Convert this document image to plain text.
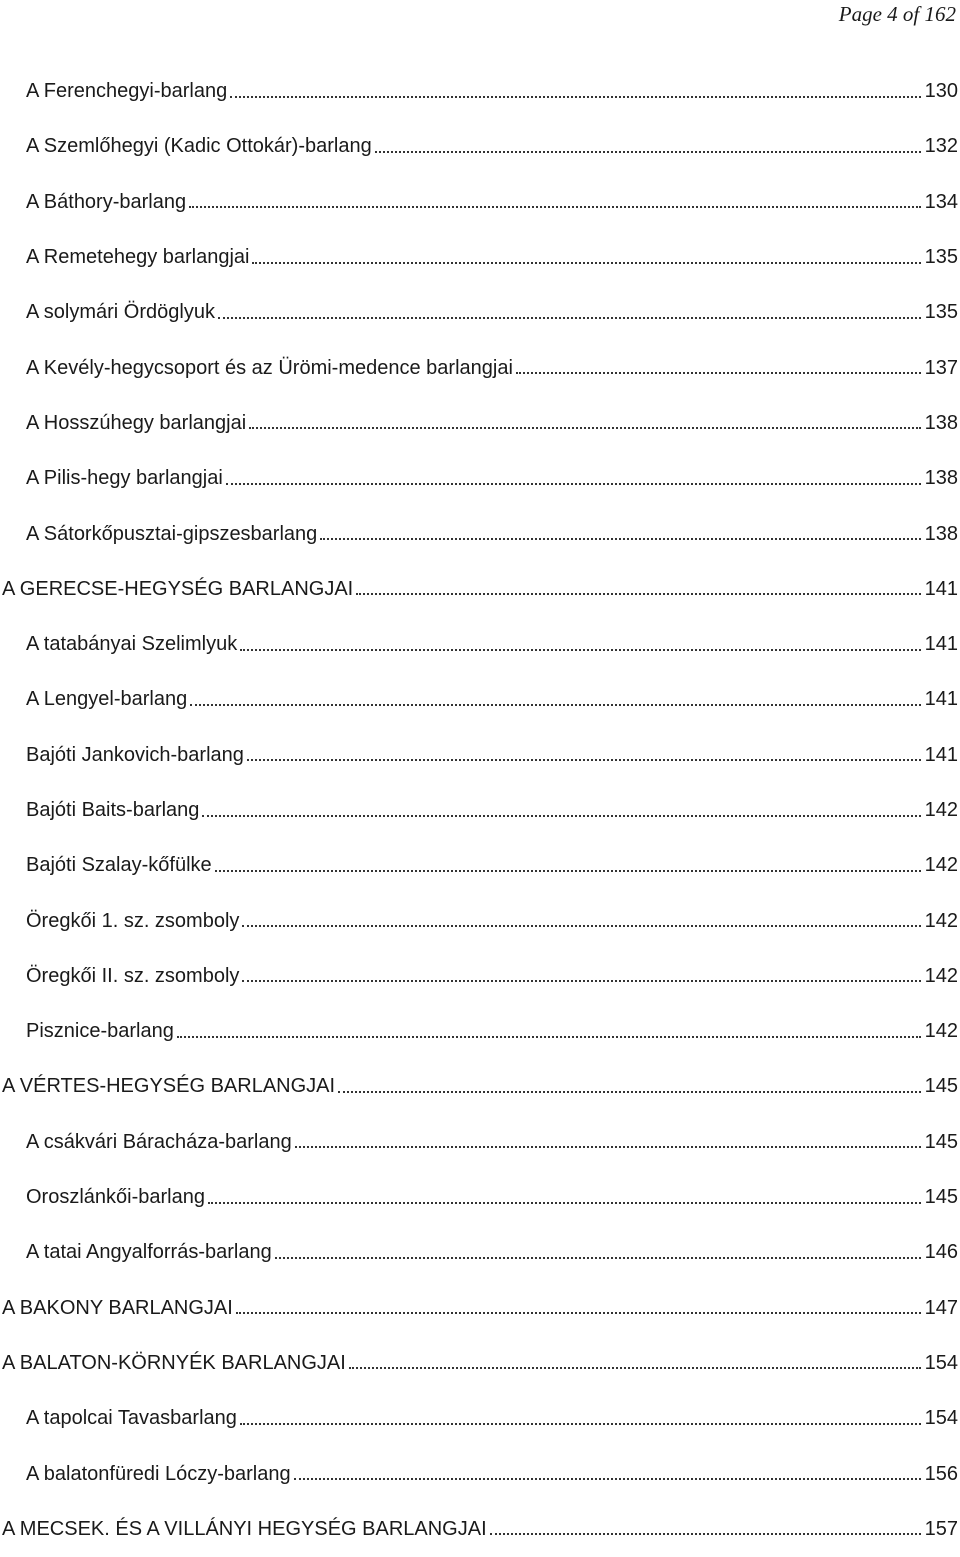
Page 4 of 162
A Ferenchegyi-barlang	130
A Szemlőhegyi (Kadic Ottokár)-barlang	132
A Báthory-barlang	134
A Remetehegy barlangjai	135
A solymári Ördöglyuk	135
A Kevély-hegycsoport és az Ürömi-medence barlangjai	137
A Hosszúhegy barlangjai	138
A Pilis-hegy barlangjai	138
A Sátorkőpusztai-gipszesbarlang	138
A GERECSE-HEGYSÉG BARLANGJAI	141
A tatabányai Szelimlyuk	141
A Lengyel-barlang	141
Bajóti Jankovich-barlang	141
Bajóti Baits-barlang	142
Bajóti Szalay-kőfülke	142
Öregkői 1. sz. zsomboly	142
Öregkői II. sz. zsomboly	142
Pisznice-barlang	142
A VÉRTES-HEGYSÉG BARLANGJAI	145
A csákvári Báracháza-barlang	145
Oroszlánkői-barlang	145
A tatai Angyalforrás-barlang	146
A BAKONY BARLANGJAI	147
A BALATON-KÖRNYÉK BARLANGJAI	154
A tapolcai Tavasbarlang	154
A balatonfüredi Lóczy-barlang	156
A MECSEK. ÉS A VILLÁNYI HEGYSÉG BARLANGJAI	157
